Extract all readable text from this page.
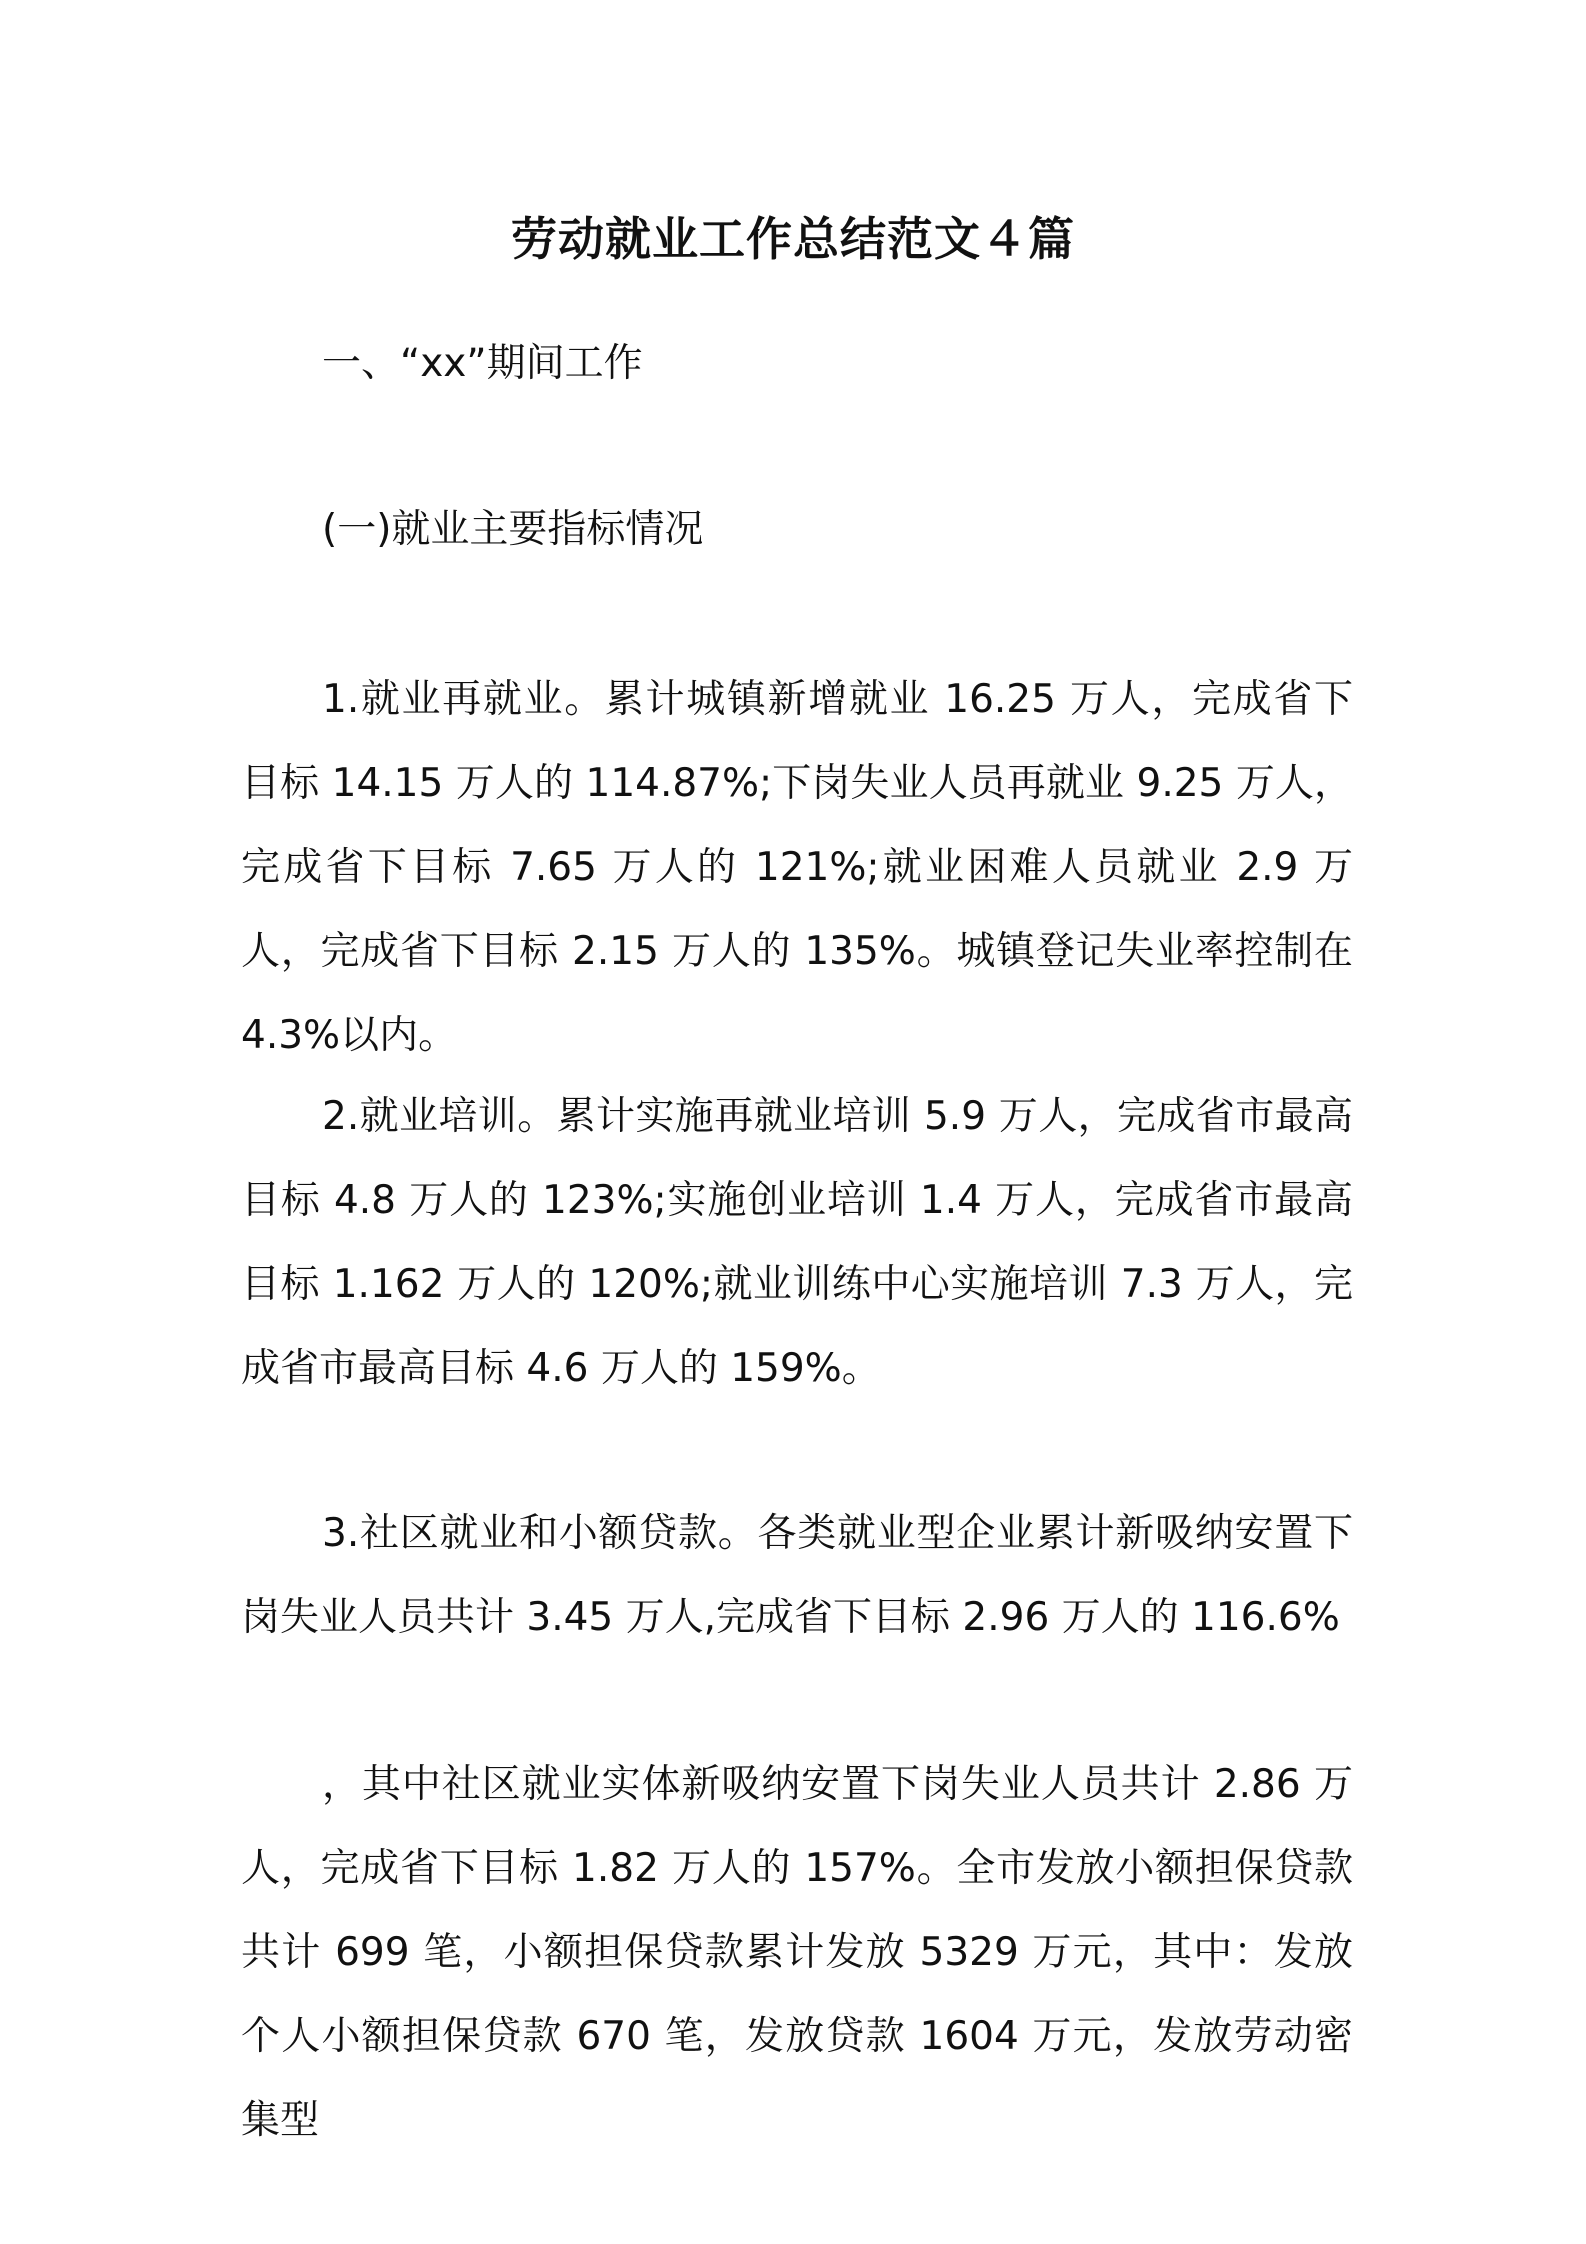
劳动就业工作总结范文４篇
一、“xx”期间工作
(一)就业主要指标情况

1.就业再就业。累计城镇新增就业 16.25 万人，完成省下目标 14.15 万人的 114.87%;下岗失业人员再就业 9.25 万人，完成省下目标 7.65 万人的 121%;就业困难人员就业 2.9 万人，完成省下目标 2.15 万人的 135%。城镇登记失业率控制在 4.3%以内。

2.就业培训。累计实施再就业培训 5.9 万人，完成省市最高目标 4.8 万人的 123%;实施创业培训 1.4 万人，完成省市最高目标 1.162 万人的 120%;就业训练中心实施培训 7.3 万人，完成省市最高目标 4.6 万人的 159%。

3.社区就业和小额贷款。各类就业型企业累计新吸纳安置下岗失业人员共计 3.45 万人,完成省下目标 2.96 万人的 116.6%

，其中社区就业实体新吸纳安置下岗失业人员共计 2.86 万人，完成省下目标 1.82 万人的 157%。全市发放小额担保贷款共计 699 笔，小额担保贷款累计发放 5329 万元，其中：发放个人小额担保贷款 670 笔，发放贷款 1604 万元，发放劳动密集型
